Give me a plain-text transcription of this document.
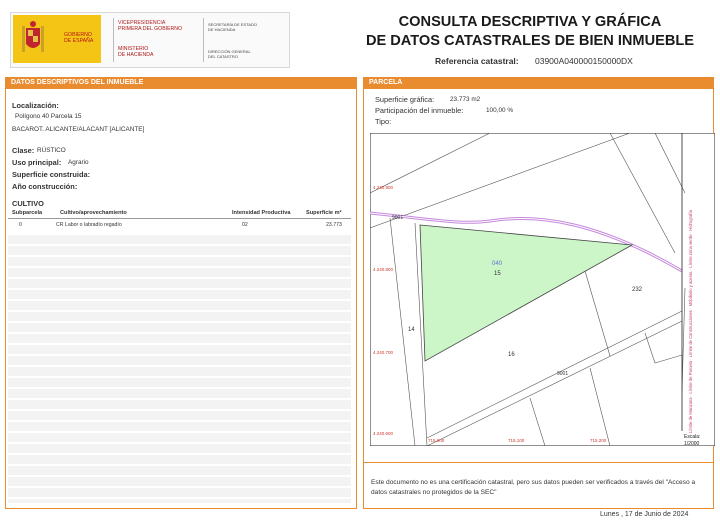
GOBIERNO
DE ESPAÑA
VICEPRESIDENCIA
PRIMERA DEL GOBIERNO
MINISTERIO
DE HACIENDA
SECRETARÍA DE ESTADO
DE HACIENDA
DIRECCIÓN GENERAL
DEL CATASTRO
CONSULTA DESCRIPTIVA Y GRÁFICA
DE DATOS CATASTRALES DE BIEN INMUEBLE
Referencia catastral: 03900A040000150000DX
DATOS DESCRIPTIVOS DEL INMUEBLE
Localización:
Polígono 40 Parcela 15
BACAROT. ALICANTE/ALACANT [ALICANTE]
Clase: RÚSTICO
Uso principal: Agrario
Superficie construida:
Año construcción:
CULTIVO
Subparcela	Cultivo/aprovechamiento	Intensidad Productiva	Superficie m²
0	CR Labor o labradío regadío	02	23.773
PARCELA
Superficie gráfica: 23.773 m2
Participación del inmueble:	100,00 %
Tipo:
040
15
14
16
232
9001
9001
4.240.900
4.240.800
4.240.700
4.240.600
715.900	715.100	715.200
Límite de Manzana · Límite de Parcela · Límite de Construcciones · Mobiliario y aceras · Límite zona verde · Hidrografía
Escala:
1/2000
Este documento no es una certificación catastral, pero sus datos pueden ser verificados a través del "Acceso a datos catastrales no protegidos de la SEC"
Lunes , 17 de Junio de 2024
